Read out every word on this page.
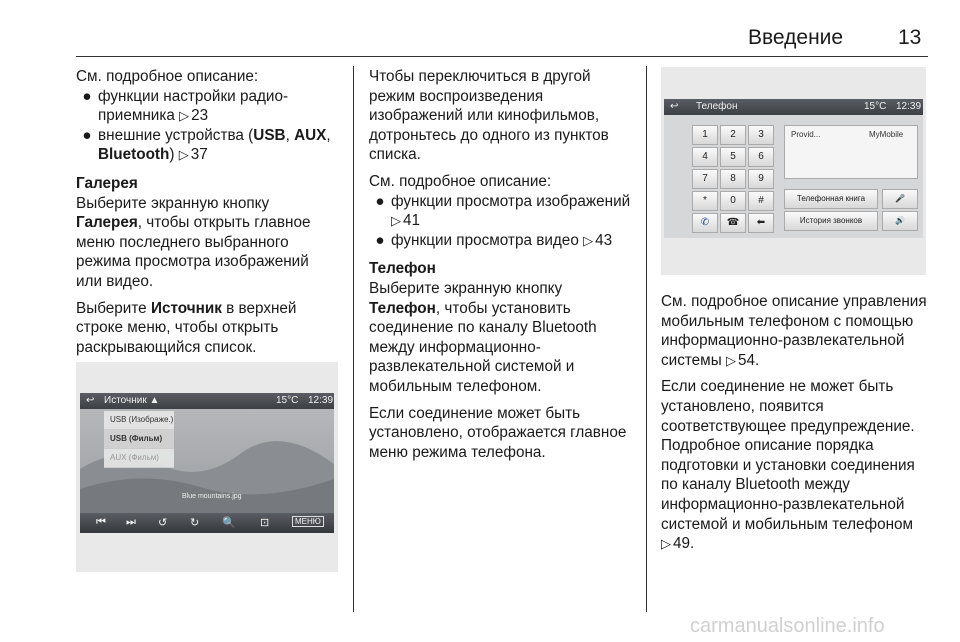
Введение	13

См. подробное описание:

● функции настройки радио-приемника ▷ 23
● внешние устройства (USB, AUX, Bluetooth) ▷ 37
Галерея

Выберите экранную кнопку
Галерея, чтобы открыть главное меню последнего выбранного режима просмотра изображений или видео.

Выберите Источник в верхней строке меню, чтобы открыть раскрывающийся список.

↩ Источник ▲	15°C 12:39
Blue mountains.jpg
USB (Изображе.)
USB (Фильм)
AUX (Фильм)
⏮ ⏭ ↺ ↻ 🔍 ⊡	МЕНЮ

Чтобы переключиться в другой режим воспроизведения изображений или кинофильмов, дотроньтесь до одного из пунктов списка.

См. подробное описание:

● функции просмотра изображений ▷ 41
● функции просмотра видео ▷ 43
Телефон

Выберите экранную кнопку
Телефон, чтобы установить соединение по каналу Bluetooth между информационно-развлекательной системой и мобильным телефоном.

Если соединение может быть установлено, отображается главное меню режима телефона.

↩ Телефон	15°C 12:39
1	2	3
4	5	6
7	8	9
*	0	#
✆	☎	⬅
Provid...	MyMobile
Телефонная книга	🎤
История звонков	🔊

См. подробное описание управления мобильным телефоном с помощью информационно-развлекательной системы ▷ 54.

Если соединение не может быть установлено, появится соответствующее предупреждение. Подробное описание порядка подготовки и установки соединения по каналу Bluetooth между информационно-развлекательной системой и мобильным телефоном ▷ 49.

carmanualsonline.info
